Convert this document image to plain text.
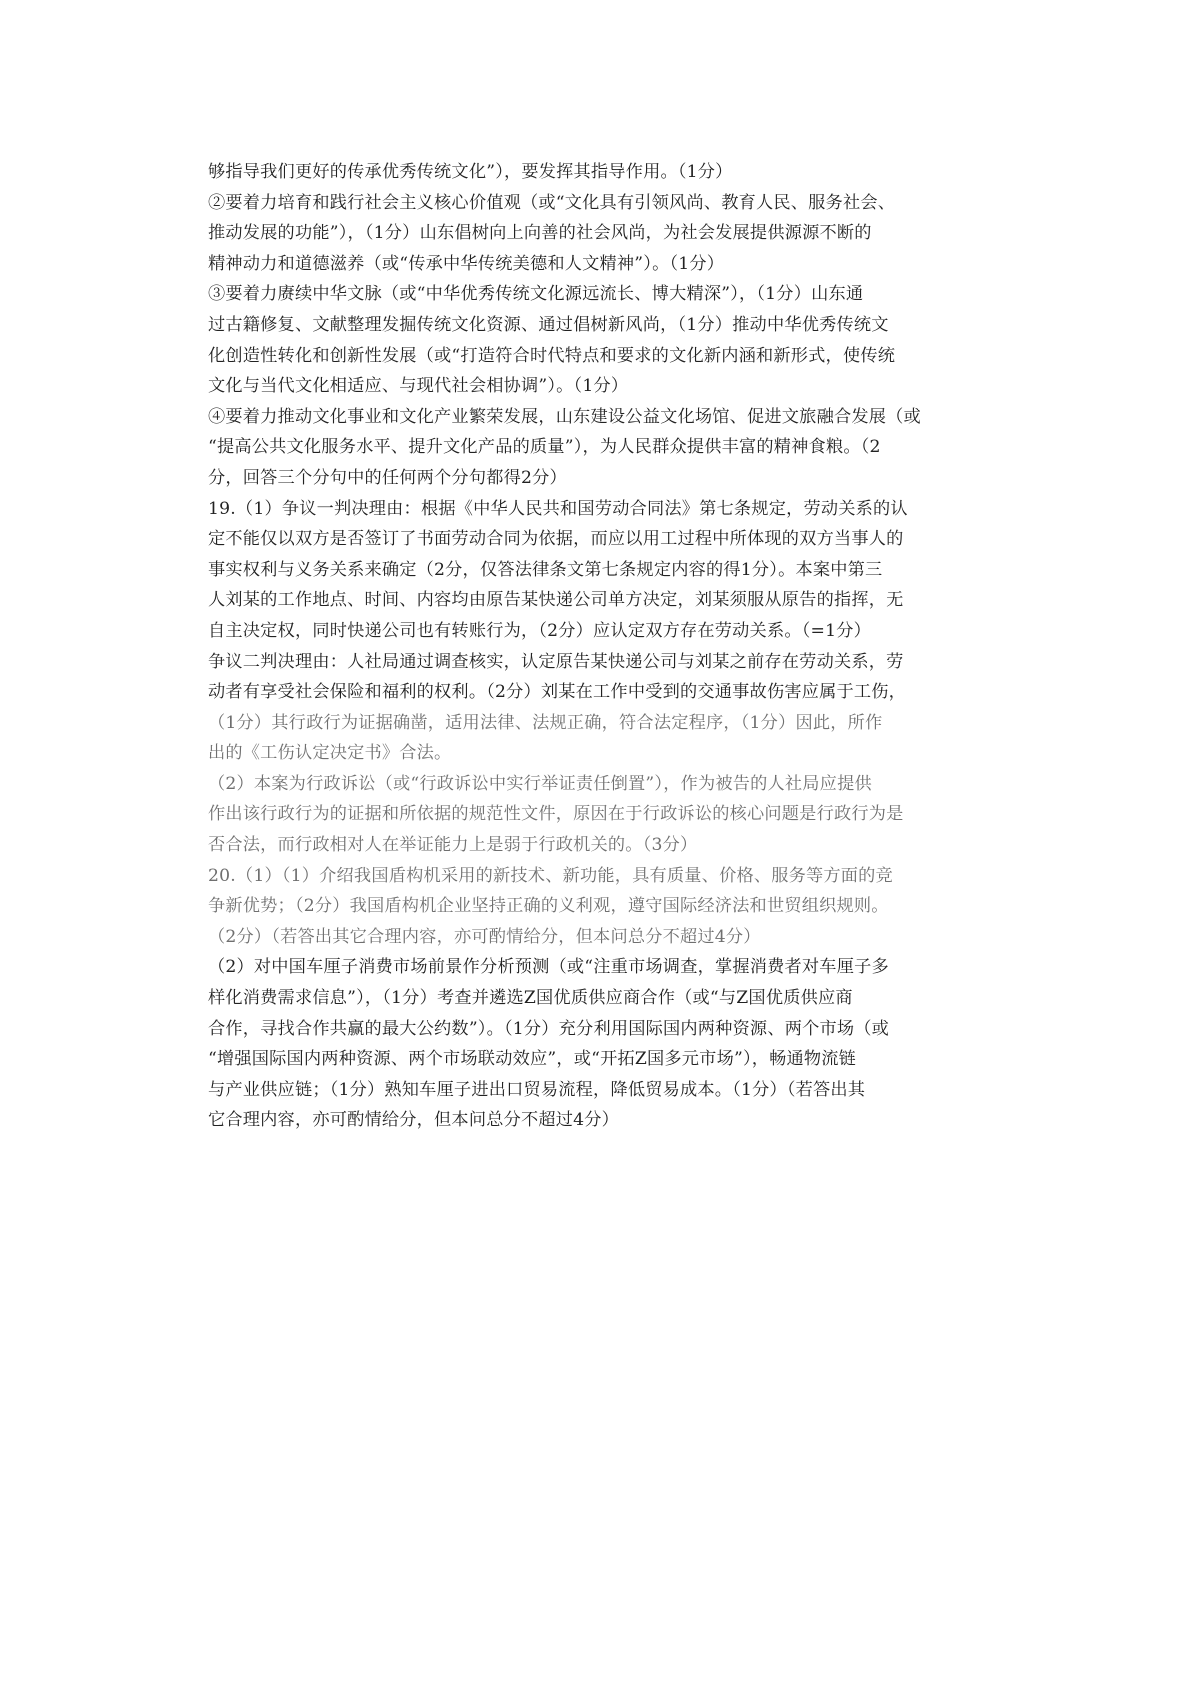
够指导我们更好的传承优秀传统文化”），要发挥其指导作用。（1分）
②要着力培育和践行社会主义核心价值观（或“文化具有引领风尚、教育人民、服务社会、
推动发展的功能”），（1分）山东倡树向上向善的社会风尚，为社会发展提供源源不断的
精神动力和道德滋养（或“传承中华传统美德和人文精神”）。（1分）
③要着力赓续中华文脉（或“中华优秀传统文化源远流长、博大精深”），（1分）山东通
过古籍修复、文献整理发掘传统文化资源、通过倡树新风尚，（1分）推动中华优秀传统文
化创造性转化和创新性发展（或“打造符合时代特点和要求的文化新内涵和新形式，使传统
文化与当代文化相适应、与现代社会相协调”）。（1分）
④要着力推动文化事业和文化产业繁荣发展，山东建设公益文化场馆、促进文旅融合发展（或
“提高公共文化服务水平、提升文化产品的质量”），为人民群众提供丰富的精神食粮。（2
分，回答三个分句中的任何两个分句都得2分）
19.（1）争议一判决理由：根据《中华人民共和国劳动合同法》第七条规定，劳动关系的认
定不能仅以双方是否签订了书面劳动合同为依据，而应以用工过程中所体现的双方当事人的
事实权利与义务关系来确定（2分，仅答法律条文第七条规定内容的得1分）。本案中第三
人刘某的工作地点、时间、内容均由原告某快递公司单方决定，刘某须服从原告的指挥，无
自主决定权，同时快递公司也有转账行为，（2分）应认定双方存在劳动关系。（=1分）
争议二判决理由：人社局通过调查核实，认定原告某快递公司与刘某之前存在劳动关系，劳
动者有享受社会保险和福利的权利。（2分）刘某在工作中受到的交通事故伤害应属于工伤，
（1分）其行政行为证据确凿，适用法律、法规正确，符合法定程序，（1分）因此，所作
出的《工伤认定决定书》合法。
（2）本案为行政诉讼（或“行政诉讼中实行举证责任倒置”），作为被告的人社局应提供
作出该行政行为的证据和所依据的规范性文件，原因在于行政诉讼的核心问题是行政行为是
否合法，而行政相对人在举证能力上是弱于行政机关的。（3分）
20.（1）（1）介绍我国盾构机采用的新技术、新功能，具有质量、价格、服务等方面的竞
争新优势；（2分）我国盾构机企业坚持正确的义利观，遵守国际经济法和世贸组织规则。
（2分）（若答出其它合理内容，亦可酌情给分，但本问总分不超过4分）
（2）对中国车厘子消费市场前景作分析预测（或“注重市场调查，掌握消费者对车厘子多
样化消费需求信息”），（1分）考查并遴选Z国优质供应商合作（或“与Z国优质供应商
合作，寻找合作共赢的最大公约数”）。（1分）充分利用国际国内两种资源、两个市场（或
“增强国际国内两种资源、两个市场联动效应”，或“开拓Z国多元市场”），畅通物流链
与产业供应链；（1分）熟知车厘子进出口贸易流程，降低贸易成本。（1分）（若答出其
它合理内容，亦可酌情给分，但本问总分不超过4分）
